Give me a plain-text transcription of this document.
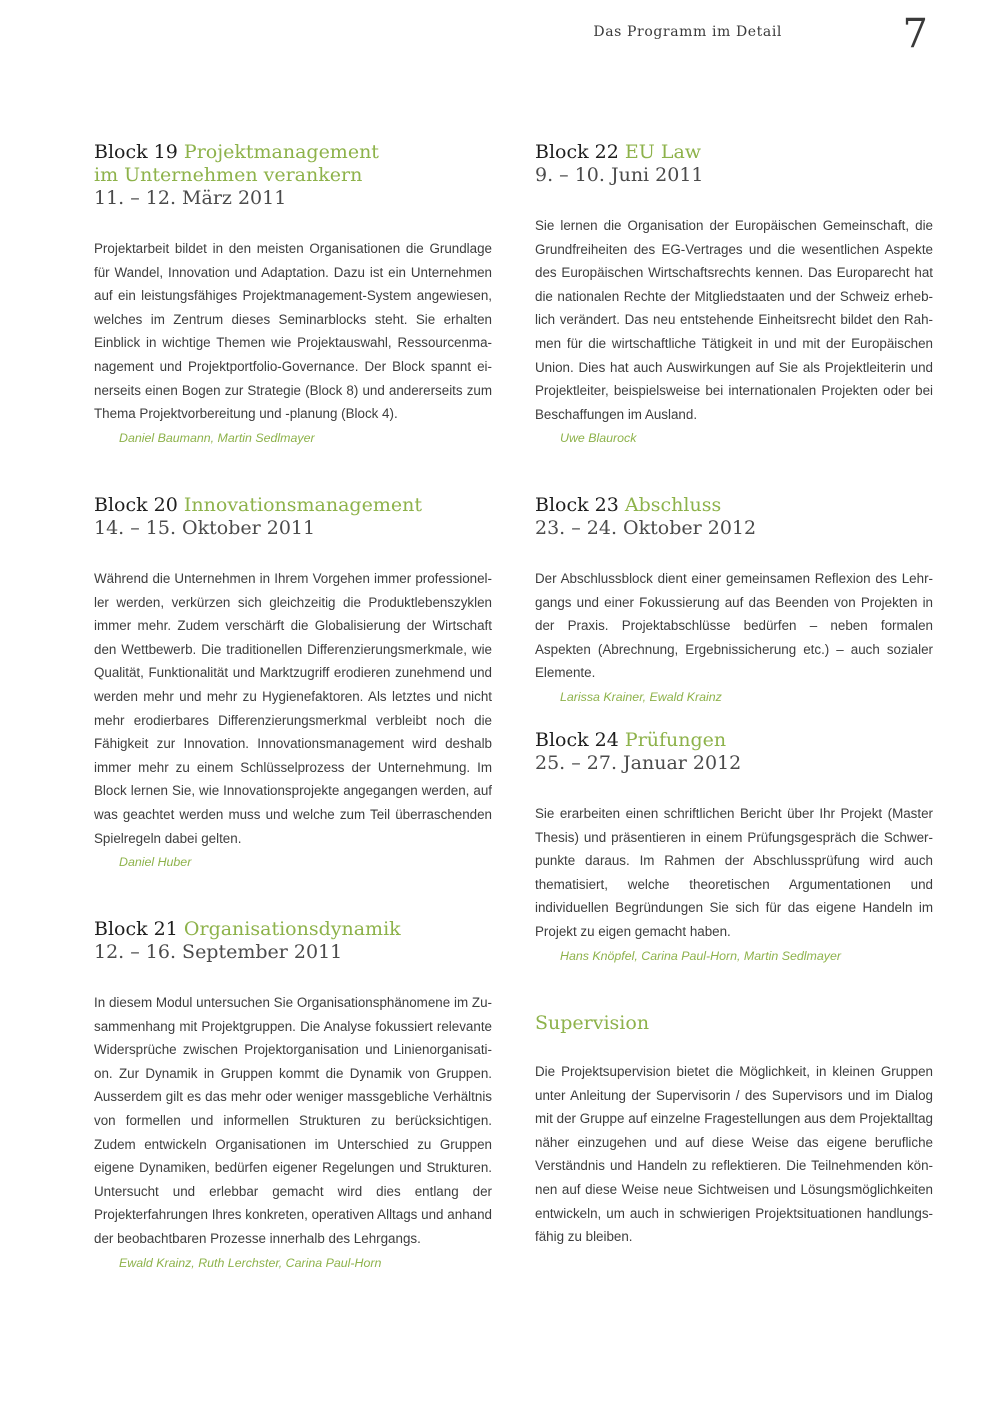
Das Programm im Detail	7
Block 19 Projektmanagement
im Unternehmen verankern
11. – 12. März 2011
Projektarbeit bildet in den meisten Organisationen die Grundlage für Wandel, Innovation und Adaptation. Dazu ist ein Unternehmen auf ein leistungsfähiges Projektmanagement-System angewiesen, welches im Zentrum dieses Seminarblocks steht. Sie erhalten Einblick in wichtige Themen wie Projektauswahl, Ressourcenmanagement und Projektportfolio-Governance. Der Block spannt einerseits einen Bogen zur Strategie (Block 8) und andererseits zum Thema Projektvorbereitung und -planung (Block 4).
Daniel Baumann, Martin Sedlmayer
Block 20 Innovationsmanagement
14. – 15. Oktober 2011
Während die Unternehmen in Ihrem Vorgehen immer professioneller werden, verkürzen sich gleichzeitig die Produktlebenszyklen immer mehr. Zudem verschärft die Globalisierung der Wirtschaft den Wettbewerb. Die traditionellen Differenzierungsmerkmale, wie Qualität, Funktionalität und Marktzugriff erodieren zunehmend und werden mehr und mehr zu Hygienefaktoren. Als letztes und nicht mehr erodierbares Differenzierungsmerkmal verbleibt noch die Fähigkeit zur Innovation. Innovationsmanagement wird deshalb immer mehr zu einem Schlüsselprozess der Unternehmung. Im Block lernen Sie, wie Innovationsprojekte angegangen werden, auf was geachtet werden muss und welche zum Teil überraschenden Spielregeln dabei gelten.
Daniel Huber
Block 21 Organisationsdynamik
12. – 16. September 2011
In diesem Modul untersuchen Sie Organisationsphänomene im Zusammenhang mit Projektgruppen. Die Analyse fokussiert relevante Widersprüche zwischen Projektorganisation und Linienorganisation. Zur Dynamik in Gruppen kommt die Dynamik von Gruppen. Ausserdem gilt es das mehr oder weniger massgebliche Verhältnis von formellen und informellen Strukturen zu berücksichtigen. Zudem entwickeln Organisationen im Unterschied zu Gruppen eigene Dynamiken, bedürfen eigener Regelungen und Strukturen. Untersucht und erlebbar gemacht wird dies entlang der Projekterfahrungen Ihres konkreten, operativen Alltags und anhand der beobachtbaren Prozesse innerhalb des Lehrgangs.
Ewald Krainz, Ruth Lerchster, Carina Paul-Horn
Block 22 EU Law
9. – 10. Juni 2011
Sie lernen die Organisation der Europäischen Gemeinschaft, die Grundfreiheiten des EG-Vertrages und die wesentlichen Aspekte des Europäischen Wirtschaftsrechts kennen. Das Europarecht hat die nationalen Rechte der Mitgliedstaaten und der Schweiz erheblich verändert. Das neu entstehende Einheitsrecht bildet den Rahmen für die wirtschaftliche Tätigkeit in und mit der Europäischen Union. Dies hat auch Auswirkungen auf Sie als Projektleiterin und Projektleiter, beispielsweise bei internationalen Projekten oder bei Beschaffungen im Ausland.
Uwe Blaurock
Block 23 Abschluss
23. – 24. Oktober 2012
Der Abschlussblock dient einer gemeinsamen Reflexion des Lehrgangs und einer Fokussierung auf das Beenden von Projekten in der Praxis. Projektabschlüsse bedürfen – neben formalen Aspekten (Abrechnung, Ergebnissicherung etc.) – auch sozialer Elemente.
Larissa Krainer, Ewald Krainz
Block 24 Prüfungen
25. – 27. Januar 2012
Sie erarbeiten einen schriftlichen Bericht über Ihr Projekt (Master Thesis) und präsentieren in einem Prüfungsgespräch die Schwerpunkte daraus. Im Rahmen der Abschlussprüfung wird auch thematisiert, welche theoretischen Argumentationen und individuellen Begründungen Sie sich für das eigene Handeln im Projekt zu eigen gemacht haben.
Hans Knöpfel, Carina Paul-Horn, Martin Sedlmayer
Supervision
Die Projektsupervision bietet die Möglichkeit, in kleinen Gruppen unter Anleitung der Supervisorin / des Supervisors und im Dialog mit der Gruppe auf einzelne Fragestellungen aus dem Projektalltag näher einzugehen und auf diese Weise das eigene berufliche Verständnis und Handeln zu reflektieren. Die Teilnehmenden können auf diese Weise neue Sichtweisen und Lösungsmöglichkeiten entwickeln, um auch in schwierigen Projektsituationen handlungsfähig zu bleiben.
